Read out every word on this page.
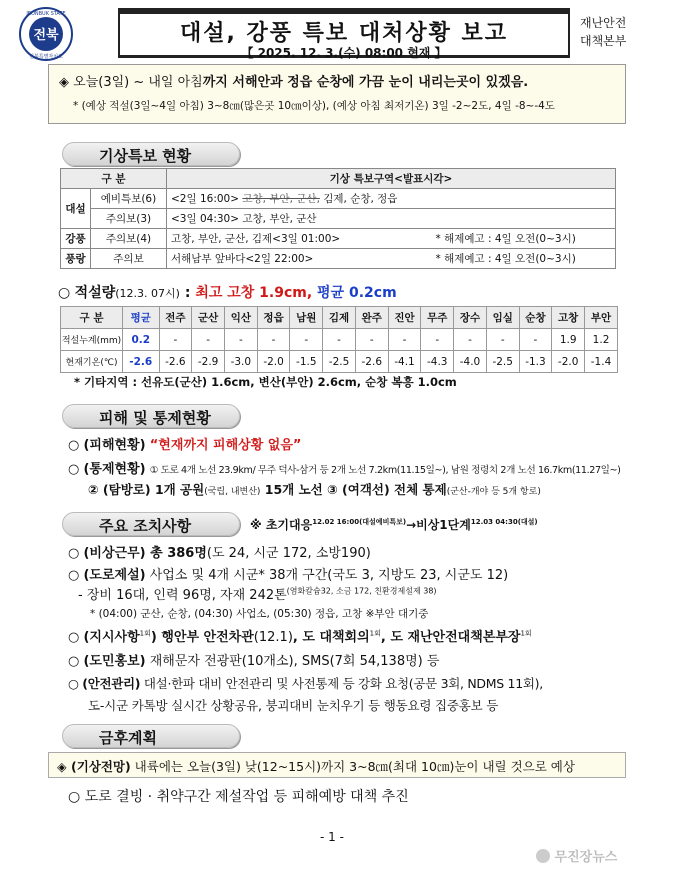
전북
JEONBUK STATE
전북특별자치도
대설, 강풍 특보 대처상황 보고
【 2025. 12. 3.(수) 08:00 현재 】
재난안전
대책본부
◈ 오늘(3일) ~ 내일 아침까지 서해안과 정읍 순창에 가끔 눈이 내리는곳이 있겠음.
* (예상 적설(3일~4일 아침) 3~8㎝(많은곳 10㎝이상), (예상 아침 최저기온) 3일 -2~2도, 4일 -8~-4도
기상특보 현황
구 분		기상 특보구역<발표시각>	
대설	예비특보(6)	<2일 16:00> 고창, 부안, 군산, 김제, 순창, 정읍	
	주의보(3)	<3일 04:30> 고창, 부안, 군산	
강풍	주의보(4)	고창, 부안, 군산, 김제<3일 01:00>	* 해제예고 : 4일 오전(0~3시)
풍랑	주의보	서해남부 앞바다<2일 22:00>	* 해제예고 : 4일 오전(0~3시)
○ 적설량(12.3. 07시) : 최고 고창 1.9cm, 평균 0.2cm
구 분	평균	전주	군산	익산	정읍	남원	김제	완주	진안	무주	장수	임실	순창	고창	부안
적설누계(mm)	0.2	-	-	-	-	-	-	-	-	-	-	-	-	1.9	1.2
현재기온(℃)	-2.6	-2.6	-2.9	-3.0	-2.0	-1.5	-2.5	-2.6	-4.1	-4.3	-4.0	-2.5	-1.3	-2.0	-1.4
* 기타지역 : 선유도(군산) 1.6cm, 변산(부안) 2.6cm, 순창 복흥 1.0cm
피해 및 통제현황
○ (피해현황) “현재까지 피해상황 없음”
○ (통제현황) ① 도로 4개 노선 23.9km/ 무주 덕사-삼거 등 2개 노선 7.2km(11.15일~), 남원 정령치 2개 노선 16.7km(11.27일~)
② (탐방로) 1개 공원(국립, 내변산) 15개 노선 ③ (여객선) 전체 통제(군산-개야 등 5개 항로)
주요 조치사항	※ 초기대응$^{12.02 16:00(대설예비특보)}$→비상1단계$^{12.03 04:30(대설)}$
○ (비상근무) 총 386명(도 24, 시군 172, 소방190)
○ (도로제설) 사업소 및 4개 시군* 38개 구간(국도 3, 지방도 23, 시군도 12)
- 장비 16대, 인력 96명, 자재 242톤$^{(염화칼슘32, 소금 172, 친환경제설제 38)}$
* (04:00) 군산, 순창, (04:30) 사업소, (05:30) 정읍, 고창 ※부안 대기중
○ (지시사항$^{1회}$) 행안부 안전차관(12.1), 도 대책회의$^{1회}$, 도 재난안전대책본부장$^{1회}$
○ (도민홍보) 재해문자 전광판(10개소), SMS(7회 54,138명) 등
○ (안전관리) 대설·한파 대비 안전관리 및 사전통제 등 강화 요청(공문 3회, NDMS 11회),
도-시군 카톡방 실시간 상황공유, 붕괴대비 눈치우기 등 행동요령 집중홍보 등
금후계획
◈ (기상전망) 내륙에는 오늘(3일) 낮(12~15시)까지 3~8㎝(최대 10㎝)눈이 내릴 것으로 예상
○ 도로 결빙 · 취약구간 제설작업 등 피해예방 대책 추진
- 1 -
무진장뉴스
